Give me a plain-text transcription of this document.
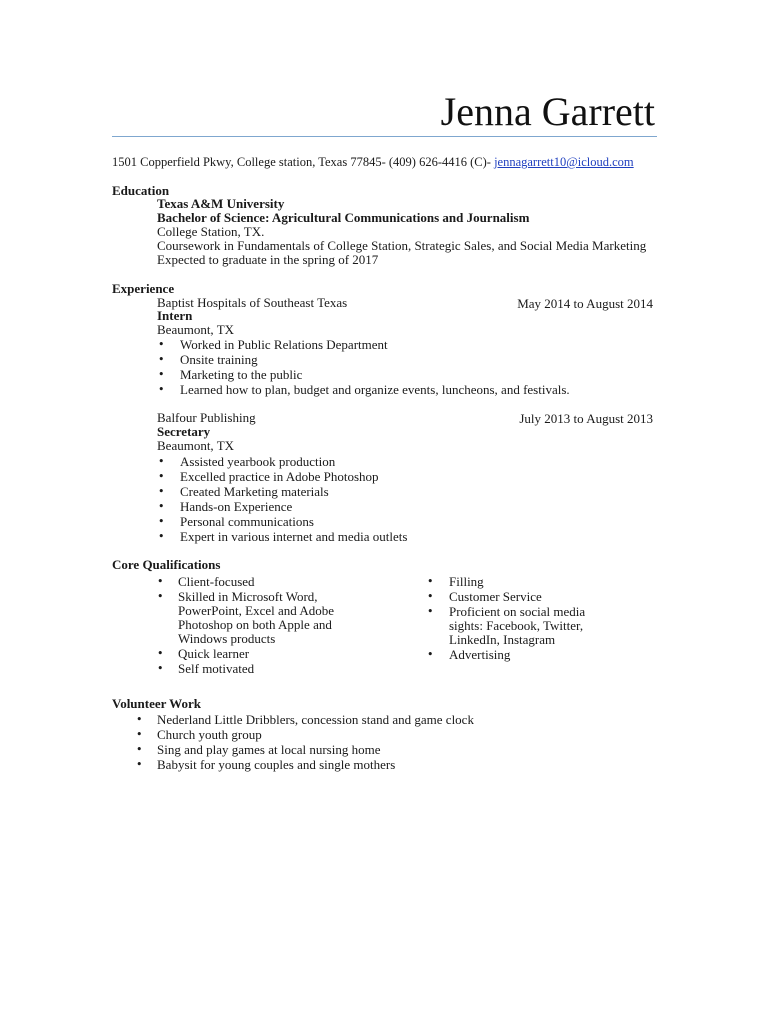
Jenna Garrett
1501 Copperfield Pkwy, College station, Texas 77845- (409) 626-4416 (C)- jennagarrett10@icloud.com
Education
Texas A&M University
Bachelor of Science: Agricultural Communications and Journalism
College Station, TX.
Coursework in Fundamentals of College Station, Strategic Sales, and Social Media Marketing
Expected to graduate in the spring of 2017
Experience
Baptist Hospitals of Southeast Texas	May 2014 to August 2014
Intern
Beaumont, TX
• Worked in Public Relations Department
• Onsite training
• Marketing to the public
• Learned how to plan, budget and organize events, luncheons, and festivals.
Balfour Publishing	July 2013 to August 2013
Secretary
Beaumont, TX
• Assisted yearbook production
• Excelled practice in Adobe Photoshop
• Created Marketing materials
• Hands-on Experience
• Personal communications
• Expert in various internet and media outlets
Core Qualifications
• Client-focused
• Skilled in Microsoft Word,
PowerPoint, Excel and Adobe
Photoshop on both Apple and
Windows products
• Quick learner
• Self motivated
• Filling
• Customer Service
• Proficient on social media
sights: Facebook, Twitter,
LinkedIn, Instagram
• Advertising
Volunteer Work
• Nederland Little Dribblers, concession stand and game clock
• Church youth group
• Sing and play games at local nursing home
• Babysit for young couples and single mothers
